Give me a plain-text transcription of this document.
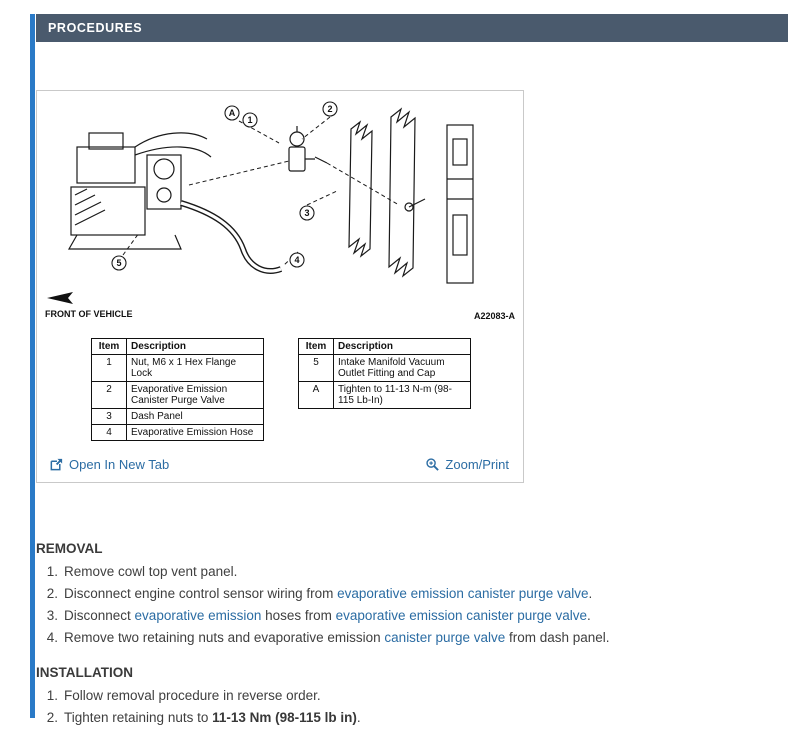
PROCEDURES
A
1
2
3
4
5
FRONT OF VEHICLE	A22083-A
Item	Description
1	Nut, M6 x 1 Hex Flange Lock
2	Evaporative Emission Canister Purge Valve
3	Dash Panel
4	Evaporative Emission Hose
Item	Description
5	Intake Manifold Vacuum Outlet Fitting and Cap
A	Tighten to 11-13 N-m (98-115 Lb-In)
Open In New Tab	Zoom/Print
REMOVAL
1. Remove cowl top vent panel.
2. Disconnect engine control sensor wiring from evaporative emission canister purge valve.
3. Disconnect evaporative emission hoses from evaporative emission canister purge valve.
4. Remove two retaining nuts and evaporative emission canister purge valve from dash panel.
INSTALLATION
1. Follow removal procedure in reverse order.
2. Tighten retaining nuts to 11-13 Nm (98-115 lb in).
